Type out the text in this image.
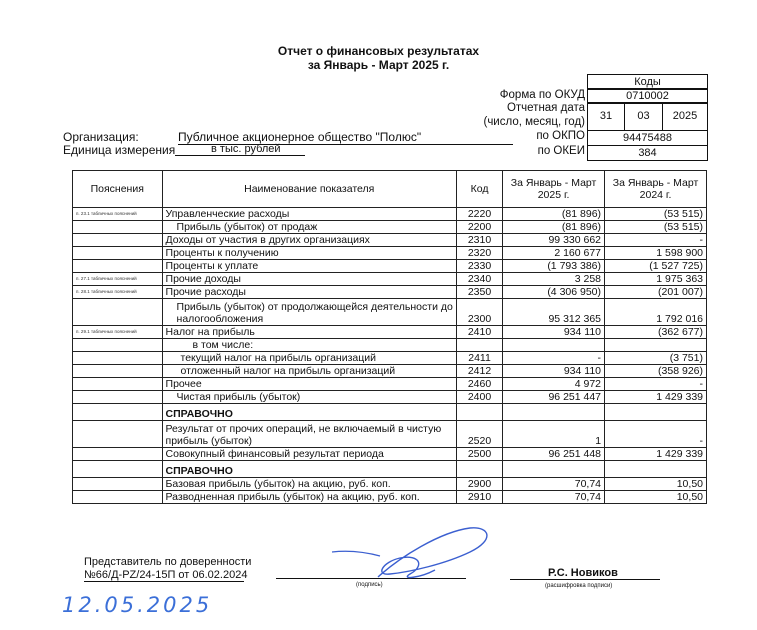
Отчет о финансовых результатах
за Январь - Март 2025 г.
Коды
Форма по ОКУД	0710002
Отчетная дата
(число, месяц, год)	31	03	2025
по ОКПО	94475488
по ОКЕИ	384
Организация:	Публичное акционерное общество "Полюс"
Единица измерения	в тыс. рублей
Пояснения	Наименование показателя	Код	За Январь - Март 2025 г.	За Январь - Март 2024 г.
п. 23.1 табличных пояснений	Управленческие расходы	2220	(81 896)	(53 515)
	Прибыль (убыток) от продаж	2200	(81 896)	(53 515)
	Доходы от участия в других организациях	2310	99 330 662	-
	Проценты к получению	2320	2 160 677	1 598 900
	Проценты к уплате	2330	(1 793 386)	(1 527 725)
п. 27.1 табличных пояснений	Прочие доходы	2340	3 258	1 975 363
п. 28.1 табличных пояснений	Прочие расходы	2350	(4 306 950)	(201 007)
	Прибыль (убыток) от продолжающейся деятельности до налогообложения	2300	95 312 365	1 792 016
п. 29.1 табличных пояснений	Налог на прибыль	2410	934 110	(362 677)
	в том числе:			
	текущий налог на прибыль организаций	2411	-	(3 751)
	отложенный налог на прибыль организаций	2412	934 110	(358 926)
	Прочее	2460	4 972	-
	Чистая прибыль (убыток)	2400	96 251 447	1 429 339
	СПРАВОЧНО			
	Результат от прочих операций, не включаемый в чистую прибыль (убыток)	2520	1	-
	Совокупный финансовый результат периода	2500	96 251 448	1 429 339
	СПРАВОЧНО			
	Базовая прибыль (убыток) на акцию, руб. коп.	2900	70,74	10,50
	Разводненная прибыль (убыток) на акцию, руб. коп.	2910	70,74	10,50
Представитель по доверенности
№66/Д-PZ/24-15П от 06.02.2024
(подпись)
Р.С. Новиков
(расшифровка подписи)
12.05.2025
